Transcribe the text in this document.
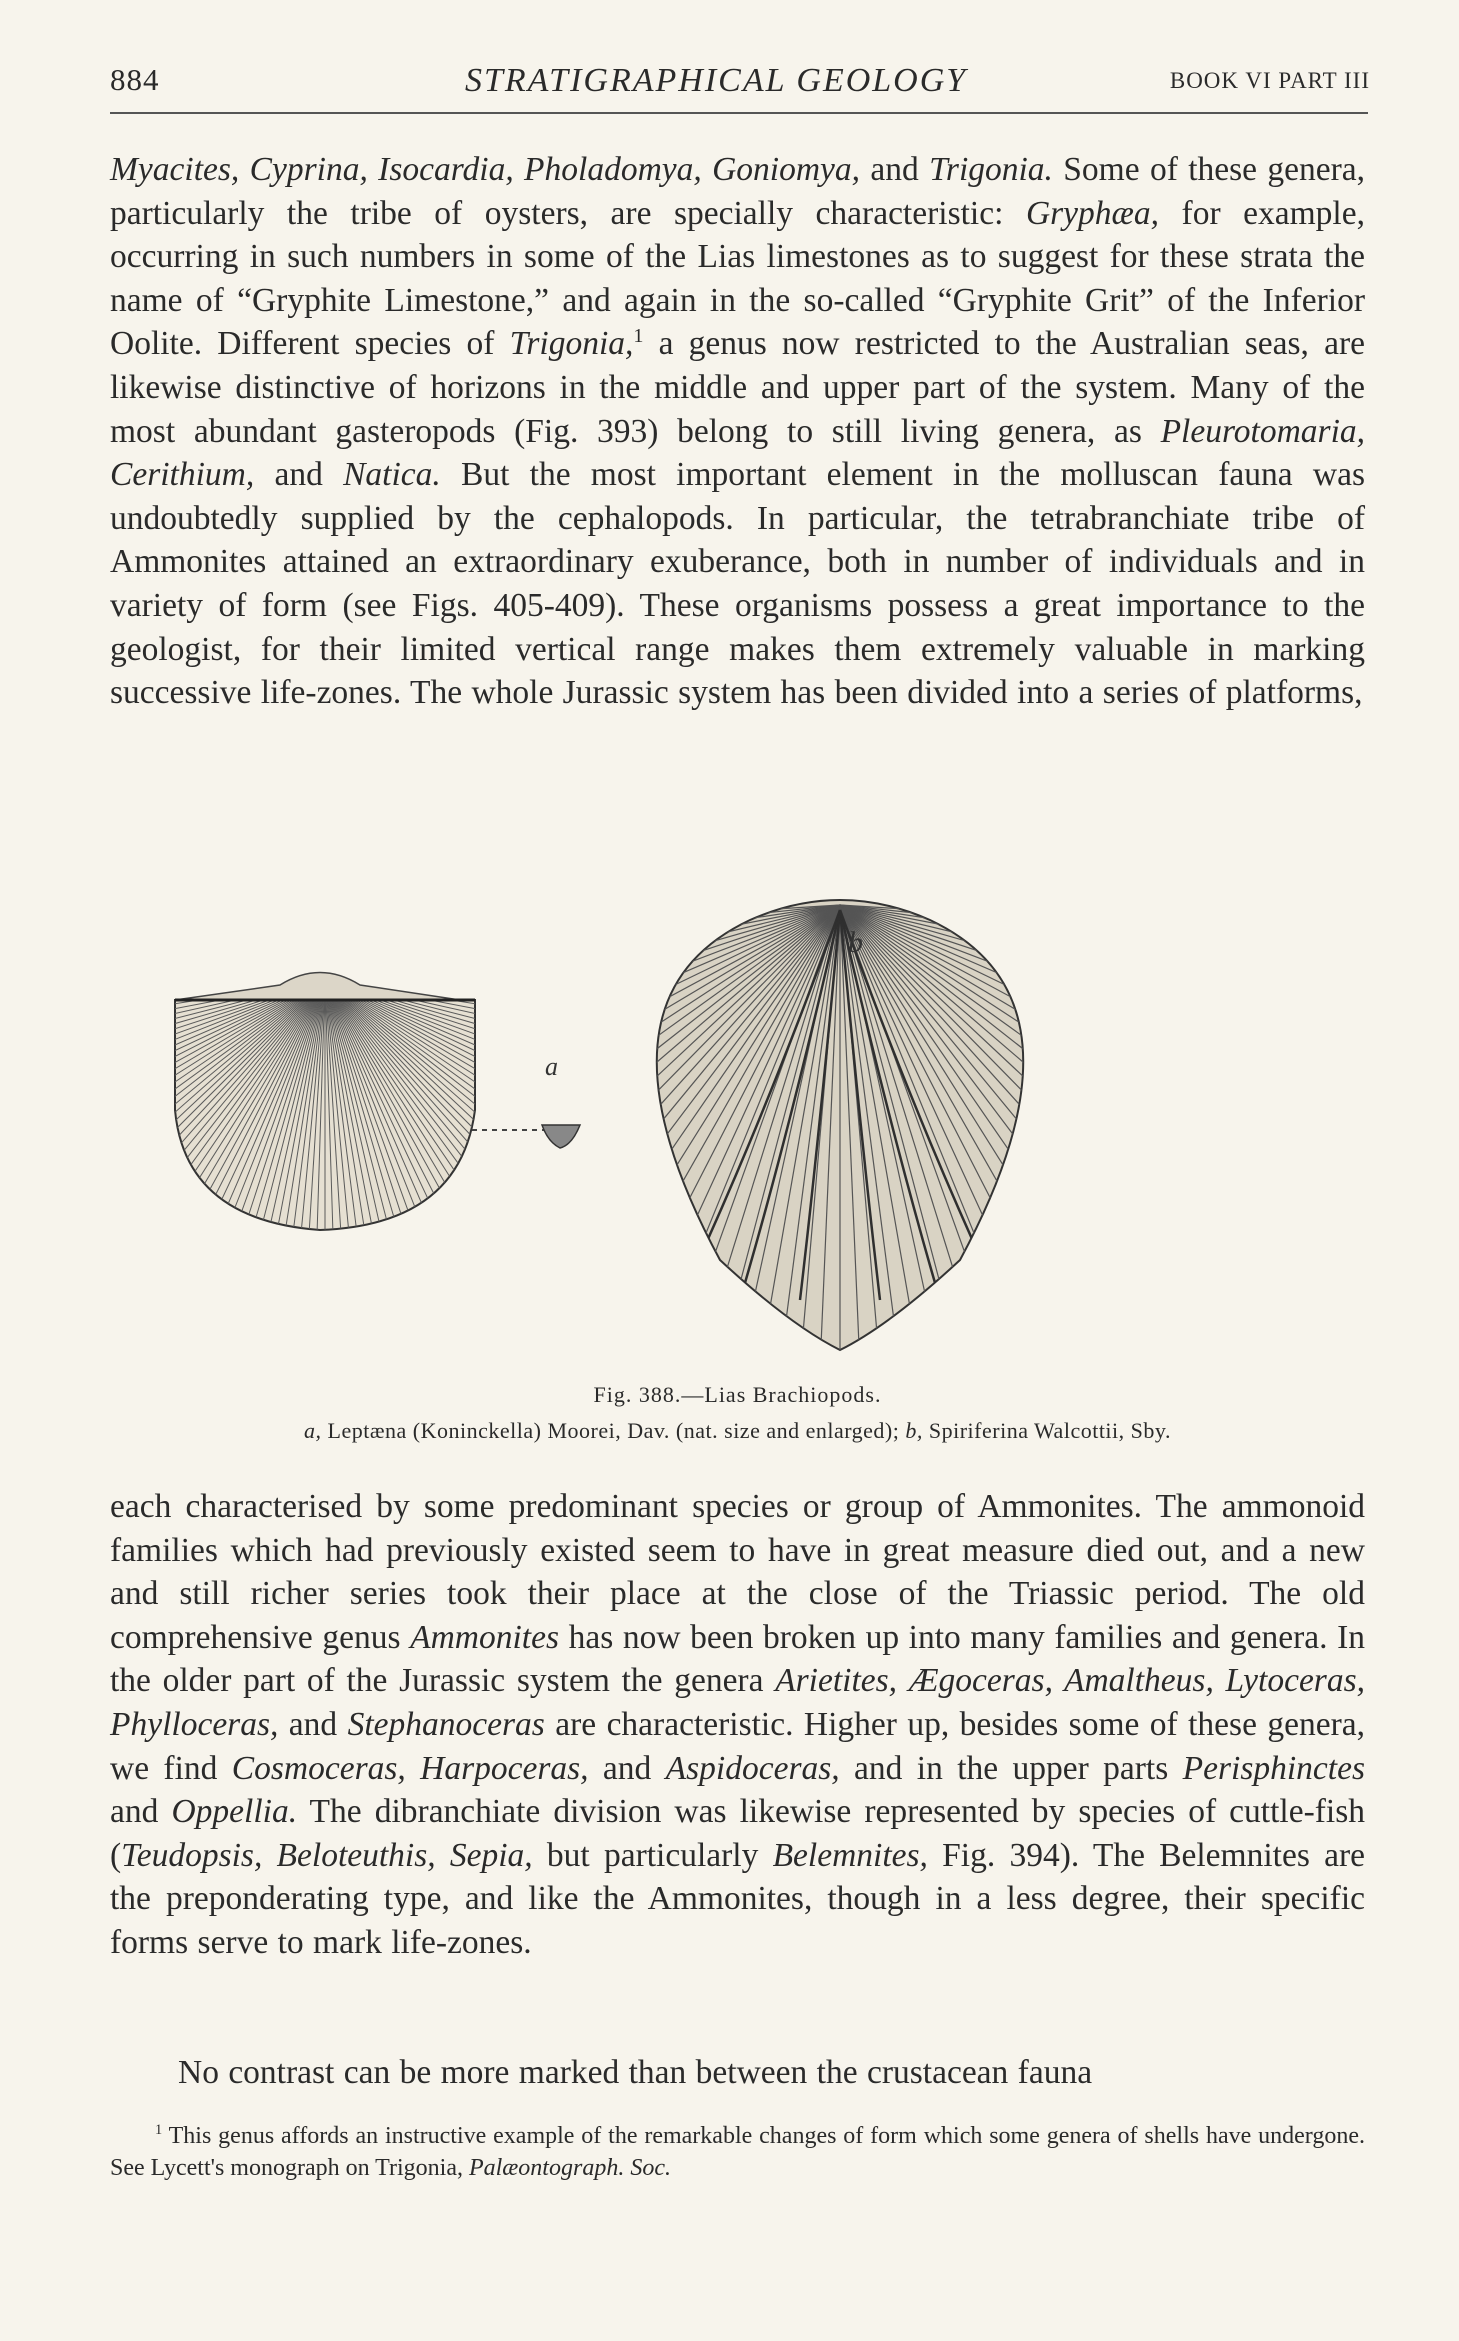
884	STRATIGRAPHICAL GEOLOGY	BOOK VI PART III
Myacites, Cyprina, Isocardia, Pholadomya, Goniomya, and Trigonia. Some of these genera, particularly the tribe of oysters, are specially characteristic: Gryphæa, for example, occurring in such numbers in some of the Lias limestones as to suggest for these strata the name of “Gryphite Limestone,” and again in the so-called “Gryphite Grit” of the Inferior Oolite. Different species of Trigonia,$^1$ a genus now restricted to the Australian seas, are likewise distinctive of horizons in the middle and upper part of the system. Many of the most abundant gasteropods (Fig. 393) belong to still living genera, as Pleurotomaria, Cerithium, and Natica. But the most important element in the molluscan fauna was undoubtedly supplied by the cephalopods. In particular, the tetrabranchiate tribe of Ammonites attained an extraordinary exuberance, both in number of individuals and in variety of form (see Figs. 405-409). These organisms possess a great importance to the geologist, for their limited vertical range makes them extremely valuable in marking successive life-zones. The whole Jurassic system has been divided into a series of platforms,
a
b
Fig. 388.—Lias Brachiopods.
a, Leptæna (Koninckella) Moorei, Dav. (nat. size and enlarged); b, Spiriferina Walcottii, Sby.
each characterised by some predominant species or group of Ammonites. The ammonoid families which had previously existed seem to have in great measure died out, and a new and still richer series took their place at the close of the Triassic period. The old comprehensive genus Ammonites has now been broken up into many families and genera. In the older part of the Jurassic system the genera Arietites, Ægoceras, Amaltheus, Lytoceras, Phylloceras, and Stephanoceras are characteristic. Higher up, besides some of these genera, we find Cosmoceras, Harpoceras, and Aspidoceras, and in the upper parts Perisphinctes and Oppellia. The dibranchiate division was likewise represented by species of cuttle-fish (Teudopsis, Beloteuthis, Sepia, but particularly Belemnites, Fig. 394). The Belemnites are the preponderating type, and like the Ammonites, though in a less degree, their specific forms serve to mark life-zones.
No contrast can be more marked than between the crustacean fauna
$^1$ This genus affords an instructive example of the remarkable changes of form which some genera of shells have undergone. See Lycett's monograph on Trigonia, Palæontograph. Soc.
